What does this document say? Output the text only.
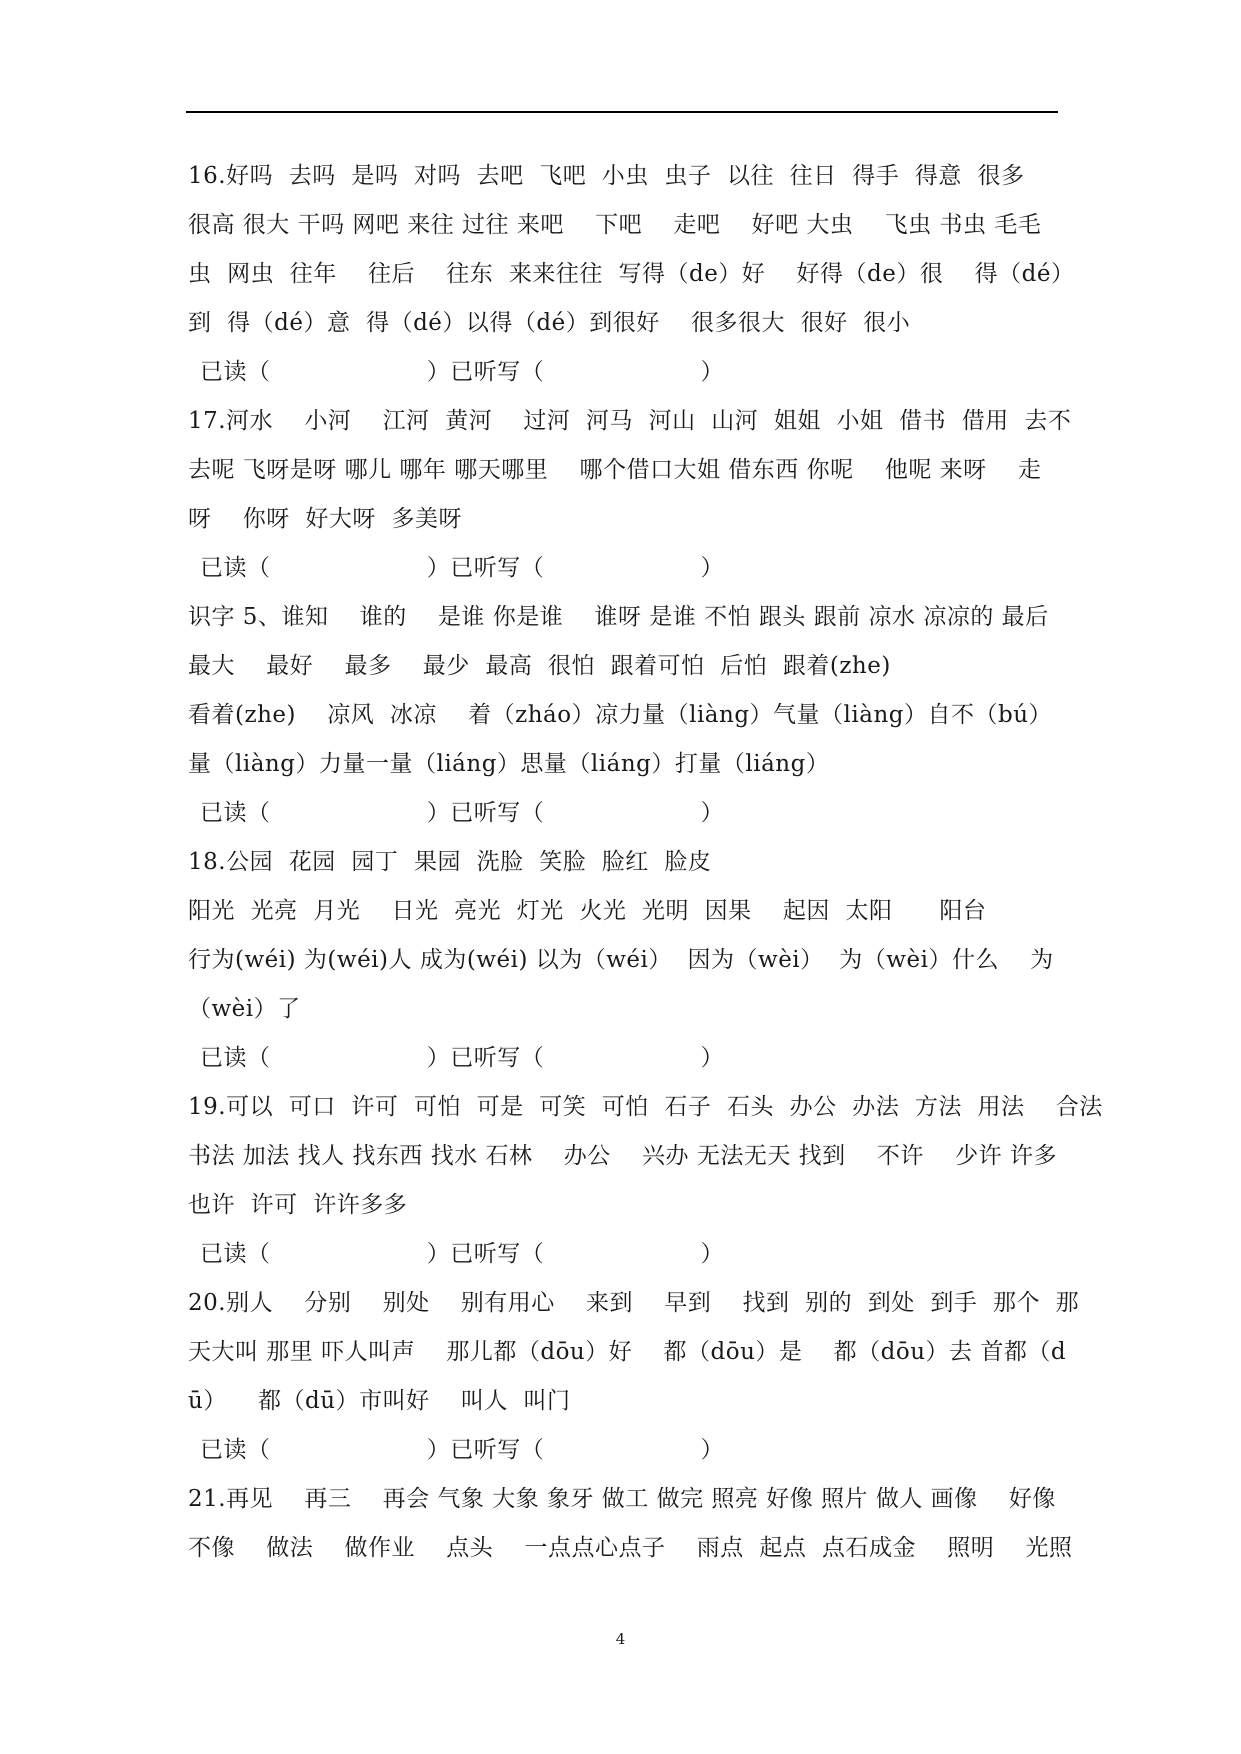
16.好吗  去吗  是吗  对吗  去吧  飞吧  小虫  虫子  以往  往日  得手  得意  很多
很高 很大 干吗 网吧 来往 过往 来吧    下吧    走吧    好吧 大虫    飞虫 书虫 毛毛
虫  网虫  往年    往后    往东  来来往往  写得（de）好    好得（de）很    得（dé）
到  得（dé）意  得（dé）以得（dé）到很好    很多很大  很好  很小
已读（                    ）已听写（                    ）
17.河水    小河    江河  黄河    过河  河马  河山  山河  姐姐  小姐  借书  借用  去不
去呢 飞呀是呀 哪儿 哪年 哪天哪里    哪个借口大姐 借东西 你呢    他呢 来呀    走
呀    你呀  好大呀  多美呀
已读（                    ）已听写（                    ）
识字 5、谁知    谁的    是谁 你是谁    谁呀 是谁 不怕 跟头 跟前 凉水 凉凉的 最后
最大    最好    最多    最少  最高  很怕  跟着可怕  后怕  跟着(zhe)
看着(zhe)    凉风  冰凉    着（zháo）凉力量（liàng）气量（liàng）自不（bú）
量（liàng）力量一量（liáng）思量（liáng）打量（liáng）
已读（                    ）已听写（                    ）
18.公园  花园  园丁  果园  洗脸  笑脸  脸红  脸皮
阳光  光亮  月光    日光  亮光  灯光  火光  光明  因果    起因  太阳      阳台
行为(wéi) 为(wéi)人 成为(wéi) 以为（wéi）  因为（wèi）  为（wèi）什么    为
（wèi）了
已读（                    ）已听写（                    ）
19.可以  可口  许可  可怕  可是  可笑  可怕  石子  石头  办公  办法  方法  用法    合法
书法 加法 找人 找东西 找水 石林    办公    兴办 无法无天 找到    不许    少许 许多
也许  许可  许许多多
已读（                    ）已听写（                    ）
20.别人    分别    别处    别有用心    来到    早到    找到  别的  到处  到手  那个  那
天大叫 那里 吓人叫声    那儿都（dōu）好    都（dōu）是    都（dōu）去 首都（d
ū）    都（dū）市叫好    叫人  叫门
已读（                    ）已听写（                    ）
21.再见    再三    再会 气象 大象 象牙 做工 做完 照亮 好像 照片 做人 画像    好像
不像    做法    做作业    点头    一点点心点子    雨点  起点  点石成金    照明    光照
4
